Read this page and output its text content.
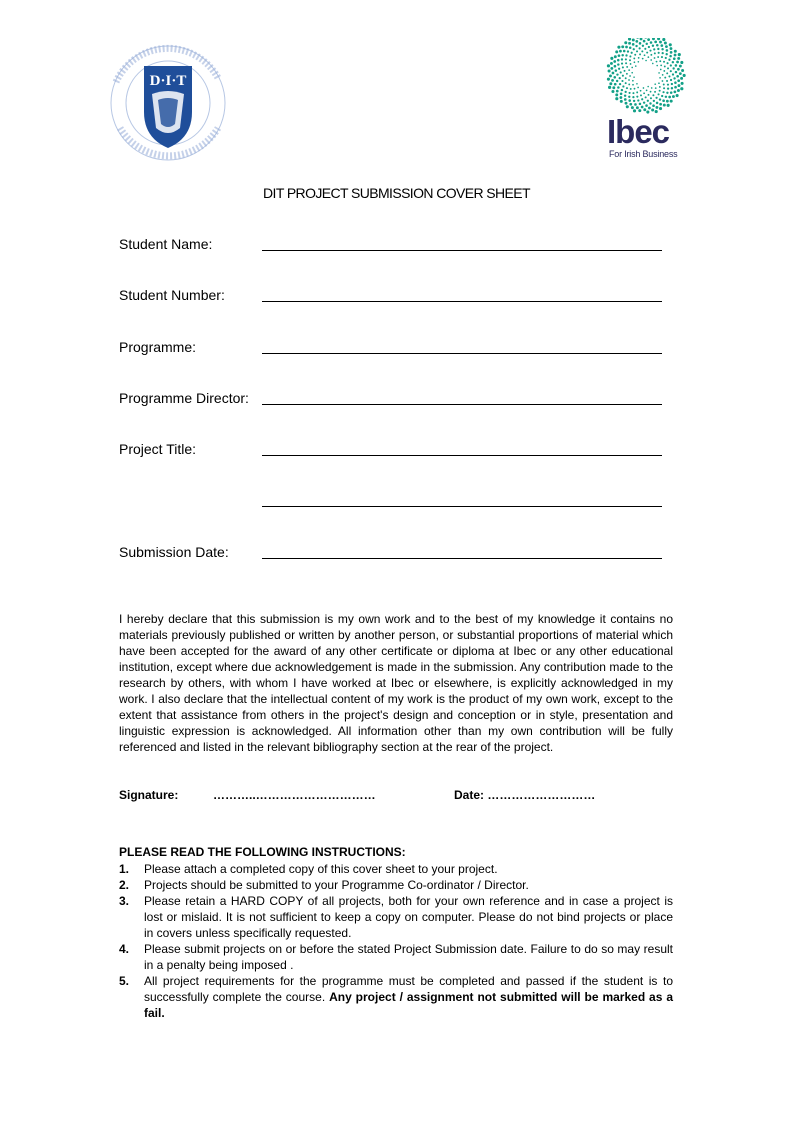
D·I·T
Ibec
For Irish Business
DIT PROJECT SUBMISSION COVER SHEET
Student Name:
Student Number:
Programme:
Programme Director:
Project Title:
Submission Date:
I hereby declare that this submission is my own work and to the best of my knowledge it contains no materials previously published or written by another person, or substantial proportions of material which have been accepted for the award of any other certificate or diploma at Ibec or any other educational institution, except where due acknowledgement is made in the submission. Any contribution made to the research by others, with whom I have worked at Ibec or elsewhere, is explicitly acknowledged in my work. I also declare that the intellectual content of my work is the product of my own work, except to the extent that assistance from others in the project's design and conception or in style, presentation and linguistic expression is acknowledged. All information other than my own contribution will be fully referenced and listed in the relevant bibliography section at the rear of the project.
Signature:	………..…………………………	Date: ………………………
PLEASE READ THE FOLLOWING INSTRUCTIONS:
1.	Please attach a completed copy of this cover sheet to your project.
2.	Projects should be submitted to your Programme Co-ordinator / Director.
3.	Please retain a HARD COPY of all projects, both for your own reference and in case a project is lost or mislaid. It is not sufficient to keep a copy on computer. Please do not bind projects or place in covers unless specifically requested.
4.	Please submit projects on or before the stated Project Submission date. Failure to do so may result in a penalty being imposed .
5.	All project requirements for the programme must be completed and passed if the student is to successfully complete the course. Any project / assignment not submitted will be marked as a fail.
